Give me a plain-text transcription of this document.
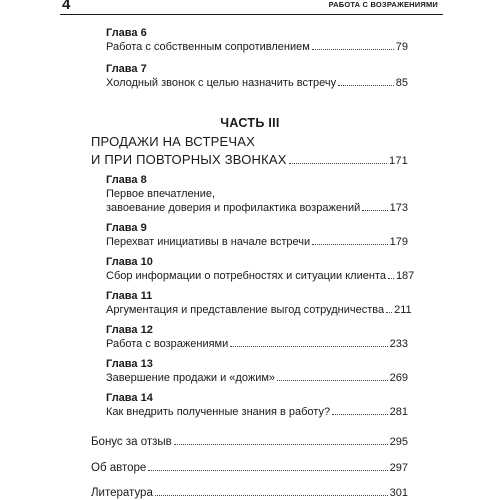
4	РАБОТА С ВОЗРАЖЕНИЯМИ
Глава 6
Работа с собственным сопротивлением	79
Глава 7
Холодный звонок с целью назначить встречу	85
ЧАСТЬ III
ПРОДАЖИ НА ВСТРЕЧАХ
И ПРИ ПОВТОРНЫХ ЗВОНКАХ	171
Глава 8
Первое впечатление,
завоевание доверия и профилактика возражений	173
Глава 9
Перехват инициативы в начале встречи	179
Глава 10
Сбор информации о потребностях и ситуации клиента 187
Глава 11
Аргументация и представление выгод сотрудничества 211
Глава 12
Работа с возражениями	233
Глава 13
Завершение продажи и «дожим»	269
Глава 14
Как внедрить полученные знания в работу?	281
Бонус за отзыв	295
Об авторе	297
Литература	301
